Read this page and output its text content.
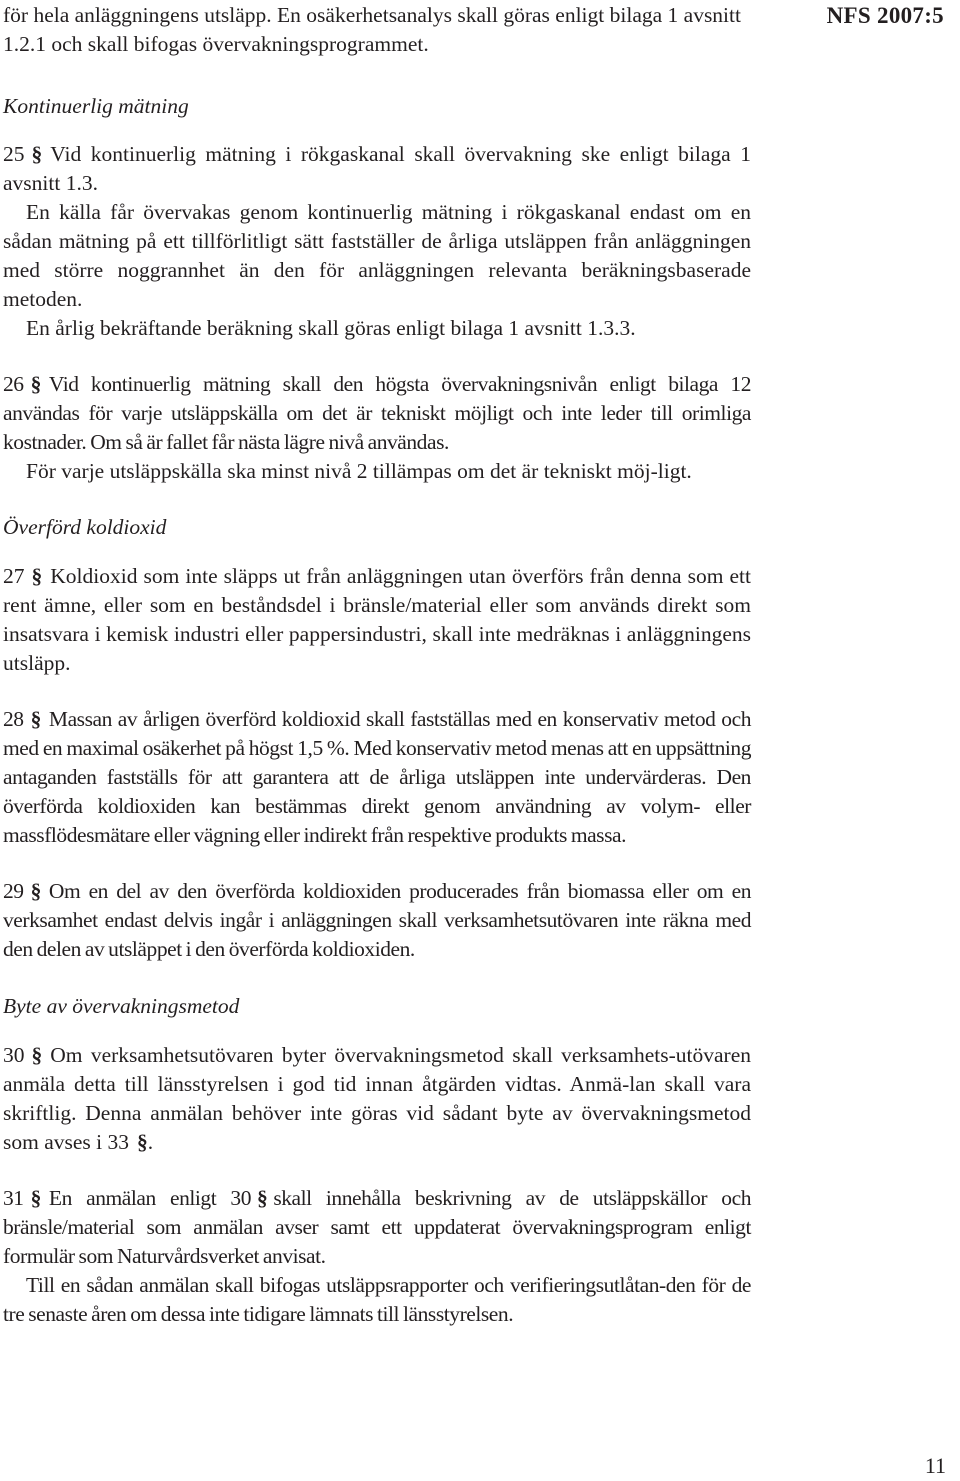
för hela anläggningens utsläpp. En osäkerhetsanalys skall göras enligt bilaga 1 avsnitt 1.2.1 och skall bifogas övervakningsprogrammet.
NFS 2007:5

Kontinuerlig mätning

25 § Vid kontinuerlig mätning i rökgaskanal skall övervakning ske enligt bilaga 1 avsnitt 1.3.

En källa får övervakas genom kontinuerlig mätning i rökgaskanal endast om en sådan mätning på ett tillförlitligt sätt fastställer de årliga utsläppen från anläggningen med större noggrannhet än den för anläggningen relevanta beräkningsbaserade metoden.

En årlig bekräftande beräkning skall göras enligt bilaga 1 avsnitt 1.3.3.

26 § Vid kontinuerlig mätning skall den högsta övervakningsnivån enligt bilaga 12 användas för varje utsläppskälla om det är tekniskt möjligt och inte leder till orimliga kostnader. Om så är fallet får nästa lägre nivå användas.

För varje utsläppskälla ska minst nivå 2 tillämpas om det är tekniskt möj-ligt.

Överförd koldioxid

27 § Koldioxid som inte släpps ut från anläggningen utan överförs från denna som ett rent ämne, eller som en beståndsdel i bränsle/material eller som används direkt som insatsvara i kemisk industri eller pappersindustri, skall inte medräknas i anläggningens utsläpp.

28 § Massan av årligen överförd koldioxid skall fastställas med en konservativ metod och med en maximal osäkerhet på högst 1,5 %. Med konservativ metod menas att en uppsättning antaganden fastställs för att garantera att de årliga utsläppen inte undervärderas. Den överförda koldioxiden kan bestämmas direkt genom användning av volym- eller massflödesmätare eller vägning eller indirekt från respektive produkts massa.

29 § Om en del av den överförda koldioxiden producerades från biomassa eller om en verksamhet endast delvis ingår i anläggningen skall verksamhetsutövaren inte räkna med den delen av utsläppet i den överförda koldioxiden.

Byte av övervakningsmetod

30 § Om verksamhetsutövaren byter övervakningsmetod skall verksamhets-utövaren anmäla detta till länsstyrelsen i god tid innan åtgärden vidtas. Anmä-lan skall vara skriftlig. Denna anmälan behöver inte göras vid sådant byte av övervakningsmetod som avses i 33 §.

31 § En anmälan enligt 30 § skall innehålla beskrivning av de utsläppskällor och bränsle/material som anmälan avser samt ett uppdaterat övervakningsprogram enligt formulär som Naturvårdsverket anvisat.

Till en sådan anmälan skall bifogas utsläppsrapporter och verifieringsutlåtan-den för de tre senaste åren om dessa inte tidigare lämnats till länsstyrelsen.

11
